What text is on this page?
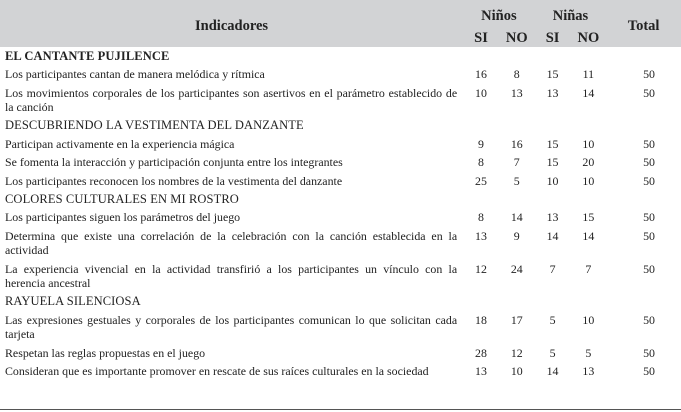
Indicadores	Niños		Niñas		Total
	SI	NO	SI	NO	
EL CANTANTE PUJILENCE					
Los participantes cantan de manera melódica y rítmica	16	8	15	11	50
Los movimientos corporales de los participantes son asertivos en el parámetro establecido de la canción	10	13	13	14	50
DESCUBRIENDO LA VESTIMENTA DEL DANZANTE					
Participan activamente en la experiencia mágica	9	16	15	10	50
Se fomenta la interacción y participación conjunta entre los integrantes	8	7	15	20	50
Los participantes reconocen los nombres de la vestimenta del danzante	25	5	10	10	50
COLORES CULTURALES EN MI ROSTRO					
Los participantes siguen los parámetros del juego	8	14	13	15	50
Determina que existe una correlación de la celebración con la canción establecida en la actividad	13	9	14	14	50
La experiencia vivencial en la actividad transfirió a los participantes un vínculo con la herencia ancestral	12	24	7	7	50
RAYUELA SILENCIOSA					
Las expresiones gestuales y corporales de los participantes comunican lo que solicitan cada tarjeta	18	17	5	10	50
Respetan las reglas propuestas en el juego	28	12	5	5	50
Consideran que es importante promover en rescate de sus raíces culturales en la sociedad	13	10	14	13	50
